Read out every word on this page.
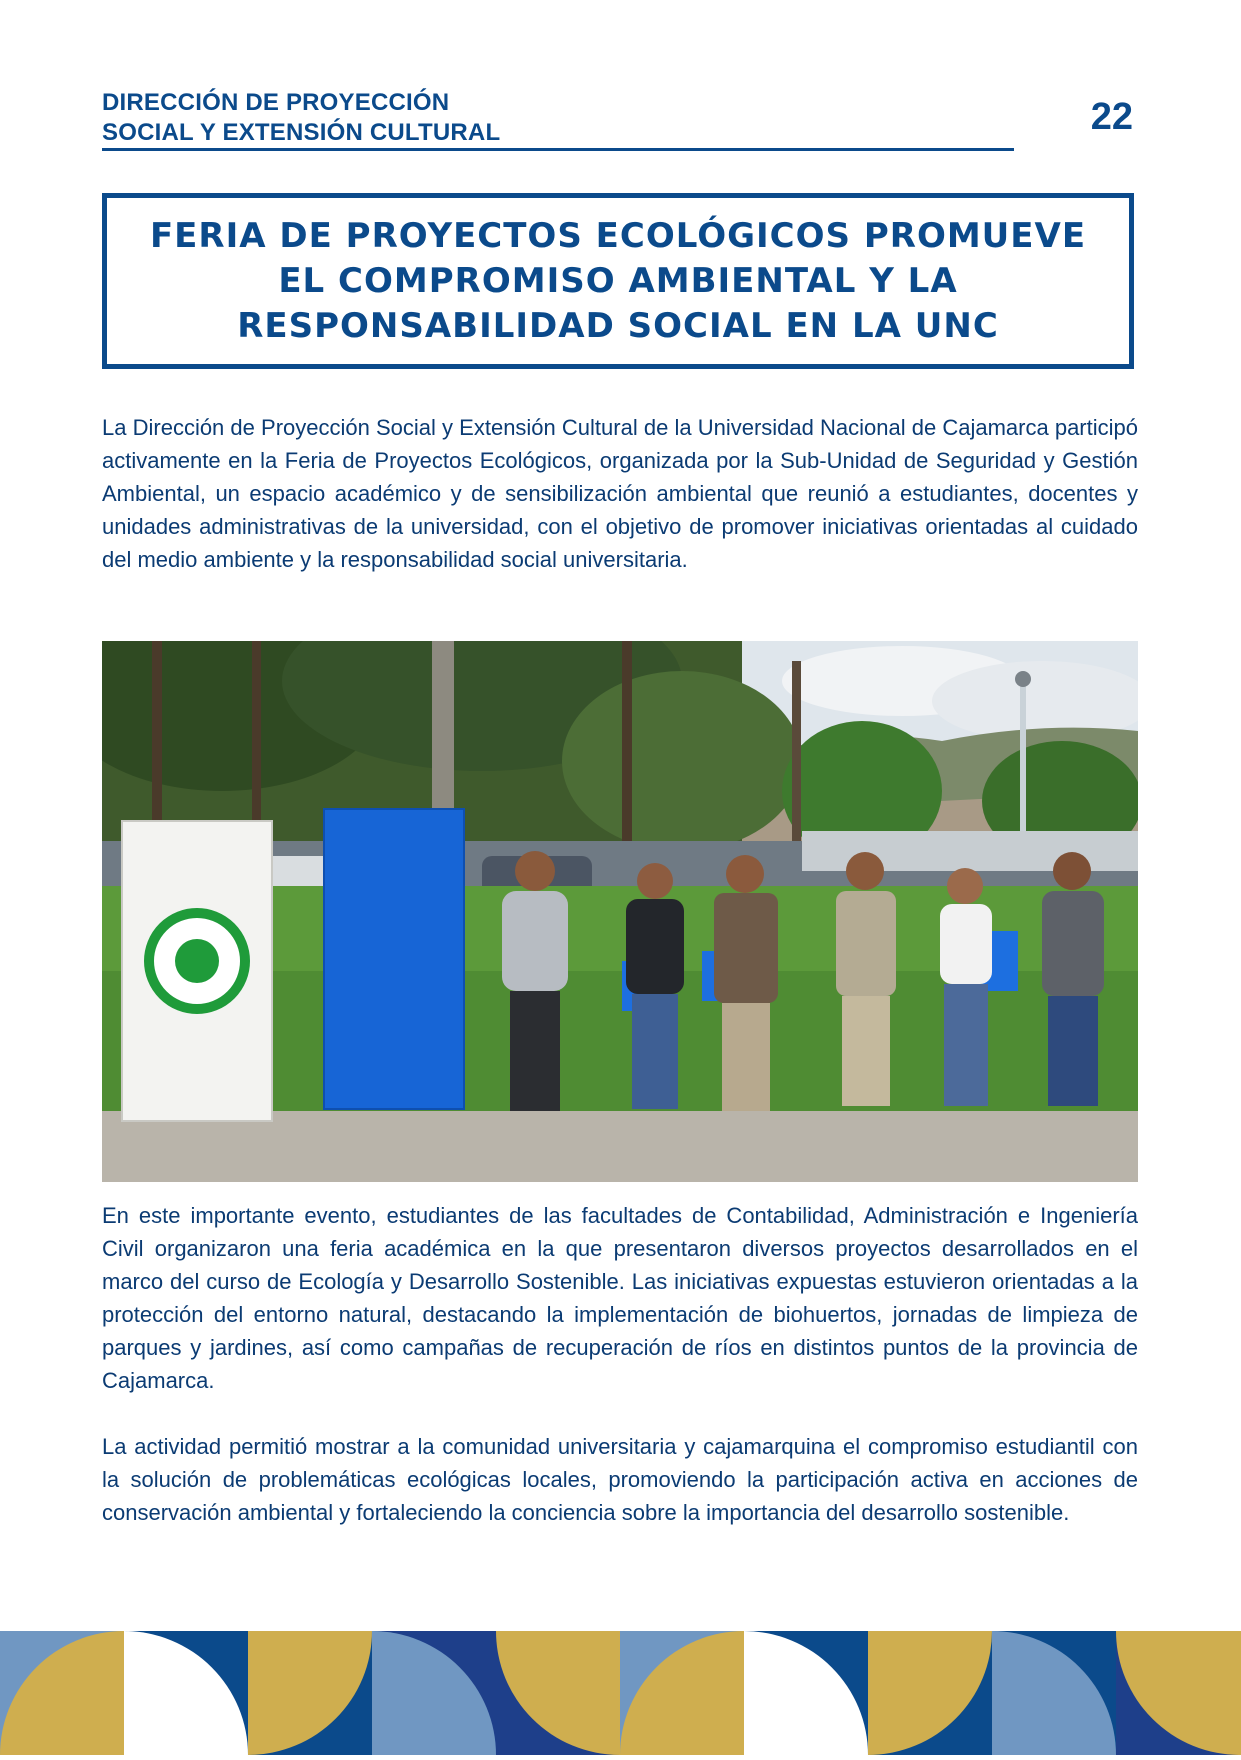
DIRECCIÓN DE PROYECCIÓN
SOCIAL Y EXTENSIÓN CULTURAL	22
FERIA DE PROYECTOS ECOLÓGICOS PROMUEVE EL COMPROMISO AMBIENTAL Y LA RESPONSABILIDAD SOCIAL EN LA UNC

La Dirección de Proyección Social y Extensión Cultural de la Universidad Nacional de Cajamarca participó activamente en la Feria de Proyectos Ecológicos, organizada por la Sub-Unidad de Seguridad y Gestión Ambiental, un espacio académico y de sensibilización ambiental que reunió a estudiantes, docentes y unidades administrativas de la universidad, con el objetivo de promover iniciativas orientadas al cuidado del medio ambiente y la responsabilidad social universitaria.

En este importante evento, estudiantes de las facultades de Contabilidad, Administración e Ingeniería Civil organizaron una feria académica en la que presentaron diversos proyectos desarrollados en el marco del curso de Ecología y Desarrollo Sostenible. Las iniciativas expuestas estuvieron orientadas a la protección del entorno natural, destacando la implementación de biohuertos, jornadas de limpieza de parques y jardines, así como campañas de recuperación de ríos en distintos puntos de la provincia de Cajamarca.

La actividad permitió mostrar a la comunidad universitaria y cajamarquina el compromiso estudiantil con la solución de problemáticas ecológicas locales, promoviendo la participación activa en acciones de conservación ambiental y fortaleciendo la conciencia sobre la importancia del desarrollo sostenible.
